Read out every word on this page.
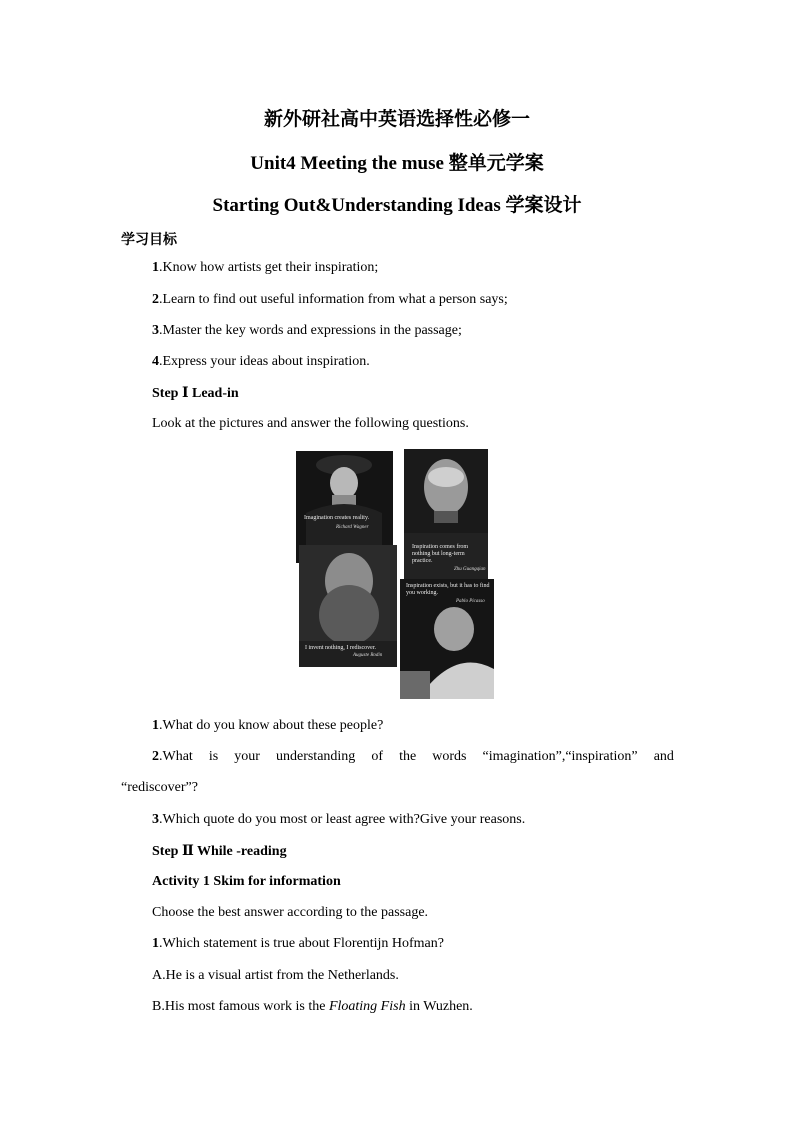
新外研社高中英语选择性必修一
Unit4 Meeting the muse 整单元学案
Starting Out&Understanding Ideas 学案设计
学习目标
1.Know how artists get their inspiration;
2.Learn to find out useful information from what a person says;
3.Master the key words and expressions in the passage;
4.Express your ideas about inspiration.
Step Ⅰ Lead-in
Look at the pictures and answer the following questions.
Imagination creates reality.
Richard Wagner
Inspiration comes from nothing but long-term practice.
Zhu Guangqian
I invent nothing, I rediscover.
Auguste Rodin
Inspiration exists, but it has to find you working.
Pablo Picasso
1.What do you know about these people?
2.What is your understanding of the words “imagination”,“inspiration” and
“rediscover”?
3.Which quote do you most or least agree with?Give your reasons.
Step Ⅱ While -reading
Activity 1 Skim for information
Choose the best answer according to the passage.
1.Which statement is true about Florentijn Hofman?
A.He is a visual artist from the Netherlands.
B.His most famous work is the Floating Fish in Wuzhen.
